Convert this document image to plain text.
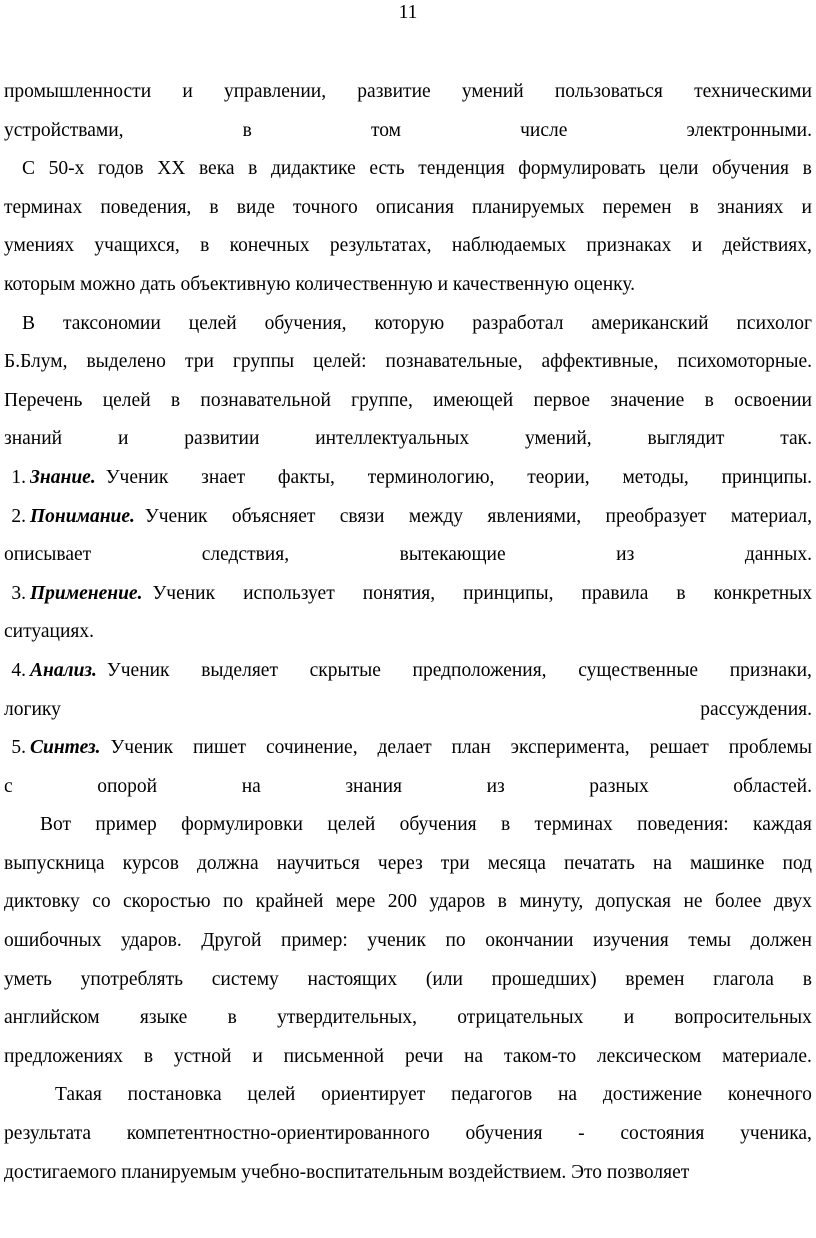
11
промышленности и управлении, развитие умений пользоваться техническими
устройствами,	в	том	числе	электронными.
С 50-х годов XX века в дидактике есть тенденция формулировать цели обучения в
терминах поведения, в виде точного описания планируемых перемен в знаниях и
умениях учащихся, в конечных результатах, наблюдаемых признаках и действиях,
которым можно дать объективную количественную и качественную оценку.
В таксономии целей обучения, которую разработал американский психолог
Б.Блум, выделено три группы целей: познавательные, аффективные, психомоторные.
Перечень целей в познавательной группе, имеющей первое значение в освоении
знаний	и	развитии	интеллектуальных	умений,	выглядит	так.
1. Знание. Ученик знает факты, терминологию, теории, методы, принципы.
2. Понимание. Ученик объясняет связи между явлениями, преобразует материал,
описывает	следствия,	вытекающие	из	данных.
3. Применение. Ученик использует понятия, принципы, правила в конкретных
ситуациях.
4. Анализ. Ученик выделяет скрытые предположения, существенные признаки,
логику	рассуждения.
5. Синтез. Ученик пишет сочинение, делает план эксперимента, решает проблемы
с	опорой	на	знания	из	разных	областей.
Вот пример формулировки целей обучения в терминах поведения: каждая
выпускница курсов должна научиться через три месяца печатать на машинке под
диктовку со скоростью по крайней мере 200 ударов в минуту, допуская не более двух
ошибочных ударов. Другой пример: ученик по окончании изучения темы должен
уметь употреблять систему настоящих (или прошедших) времен глагола в
английском языке в утвердительных, отрицательных и вопросительных
предложениях в устной и письменной речи на таком-то лексическом материале.
Такая постановка целей ориентирует педагогов на достижение конечного
результата компетентностно-ориентированного обучения - состояния ученика,
достигаемого планируемым учебно-воспитательным воздействием. Это позволяет
